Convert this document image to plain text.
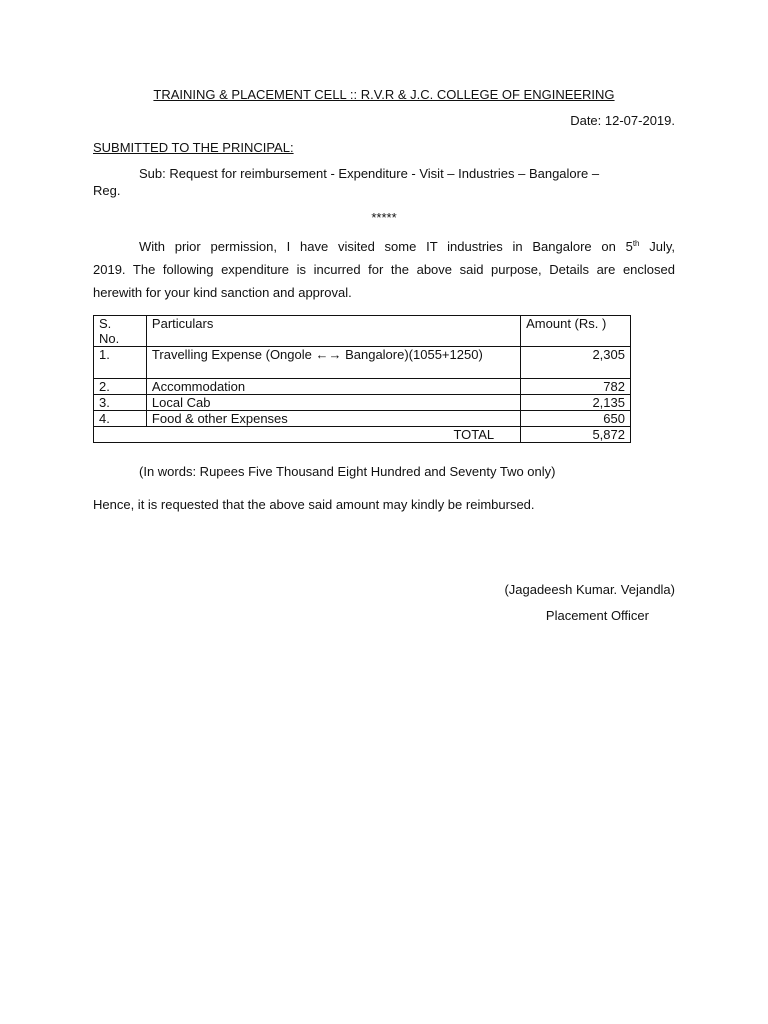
TRAINING & PLACEMENT CELL :: R.V.R & J.C. COLLEGE OF ENGINEERING
Date: 12-07-2019.
SUBMITTED TO THE PRINCIPAL:
Sub: Request for reimbursement - Expenditure - Visit – Industries – Bangalore –
Reg.
*****
With prior permission, I have visited some IT industries in Bangalore on 5th July,
2019. The following expenditure is incurred for the above said purpose, Details are enclosed
herewith for your kind sanction and approval.
S.
No.	Particulars	Amount (Rs. )
1.	Travelling Expense (Ongole ←→ Bangalore)(1055+1250)	2,305
2.	Accommodation	782
3.	Local Cab	2,135
4.	Food & other Expenses	650
TOTAL		5,872
(In words: Rupees Five Thousand Eight Hundred and Seventy Two only)
Hence, it is requested that the above said amount may kindly be reimbursed.
(Jagadeesh Kumar. Vejandla)
Placement Officer
